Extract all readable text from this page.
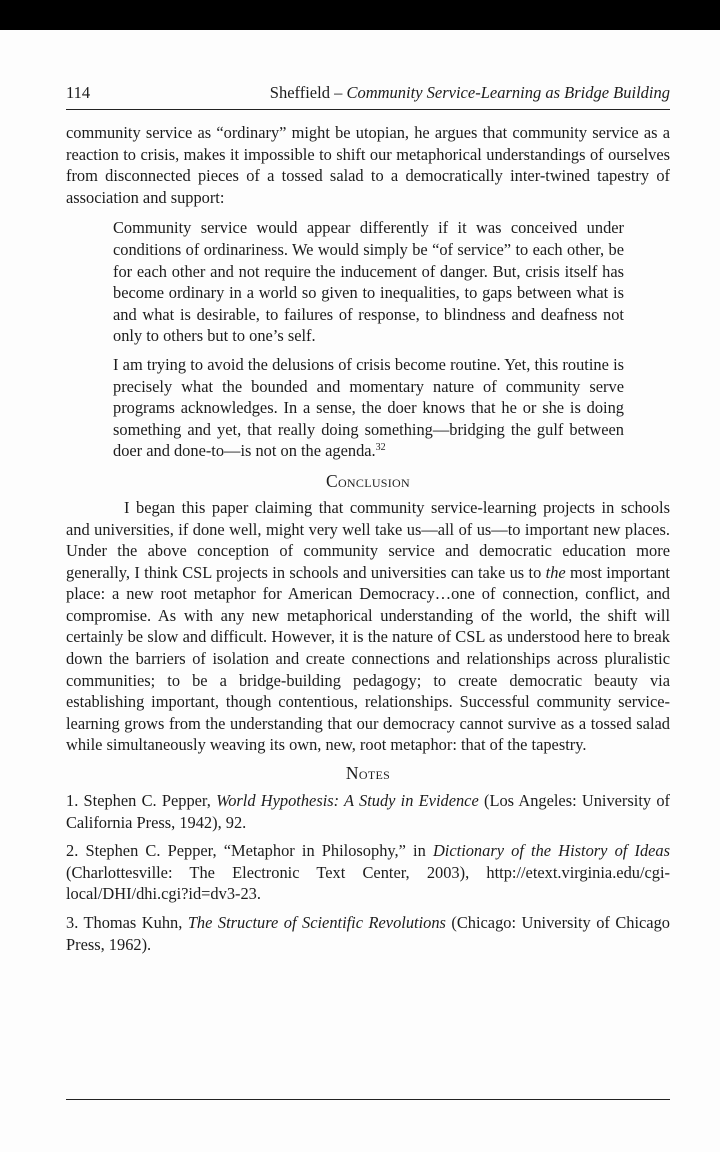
114	Sheffield – Community Service-Learning as Bridge Building

community service as “ordinary” might be utopian, he argues that community service as a reaction to crisis, makes it impossible to shift our metaphorical understandings of ourselves from disconnected pieces of a tossed salad to a democratically inter-twined tapestry of association and support:

Community service would appear differently if it was conceived under conditions of ordinariness. We would simply be “of service” to each other, be for each other and not require the inducement of danger. But, crisis itself has become ordinary in a world so given to inequalities, to gaps between what is and what is desirable, to failures of response, to blindness and deafness not only to others but to one’s self.

I am trying to avoid the delusions of crisis become routine. Yet, this routine is precisely what the bounded and momentary nature of community serve programs acknowledges. In a sense, the doer knows that he or she is doing something and yet, that really doing something—bridging the gulf between doer and done-to—is not on the agenda.$^{32}$

Conclusion

I began this paper claiming that community service-learning projects in schools and universities, if done well, might very well take us—all of us—to important new places. Under the above conception of community service and democratic education more generally, I think CSL projects in schools and universities can take us to the most important place: a new root metaphor for American Democracy…one of connection, conflict, and compromise. As with any new metaphorical understanding of the world, the shift will certainly be slow and difficult. However, it is the nature of CSL as understood here to break down the barriers of isolation and create connections and relationships across pluralistic communities; to be a bridge-building pedagogy; to create democratic beauty via establishing important, though contentious, relationships. Successful community service-learning grows from the understanding that our democracy cannot survive as a tossed salad while simultaneously weaving its own, new, root metaphor: that of the tapestry.

Notes

1. Stephen C. Pepper, World Hypothesis: A Study in Evidence (Los Angeles: University of California Press, 1942), 92.

2. Stephen C. Pepper, “Metaphor in Philosophy,” in Dictionary of the History of Ideas (Charlottesville: The Electronic Text Center, 2003), http://etext.virginia.edu/cgi-local/DHI/dhi.cgi?id=dv3-23.

3. Thomas Kuhn, The Structure of Scientific Revolutions (Chicago: University of Chicago Press, 1962).
